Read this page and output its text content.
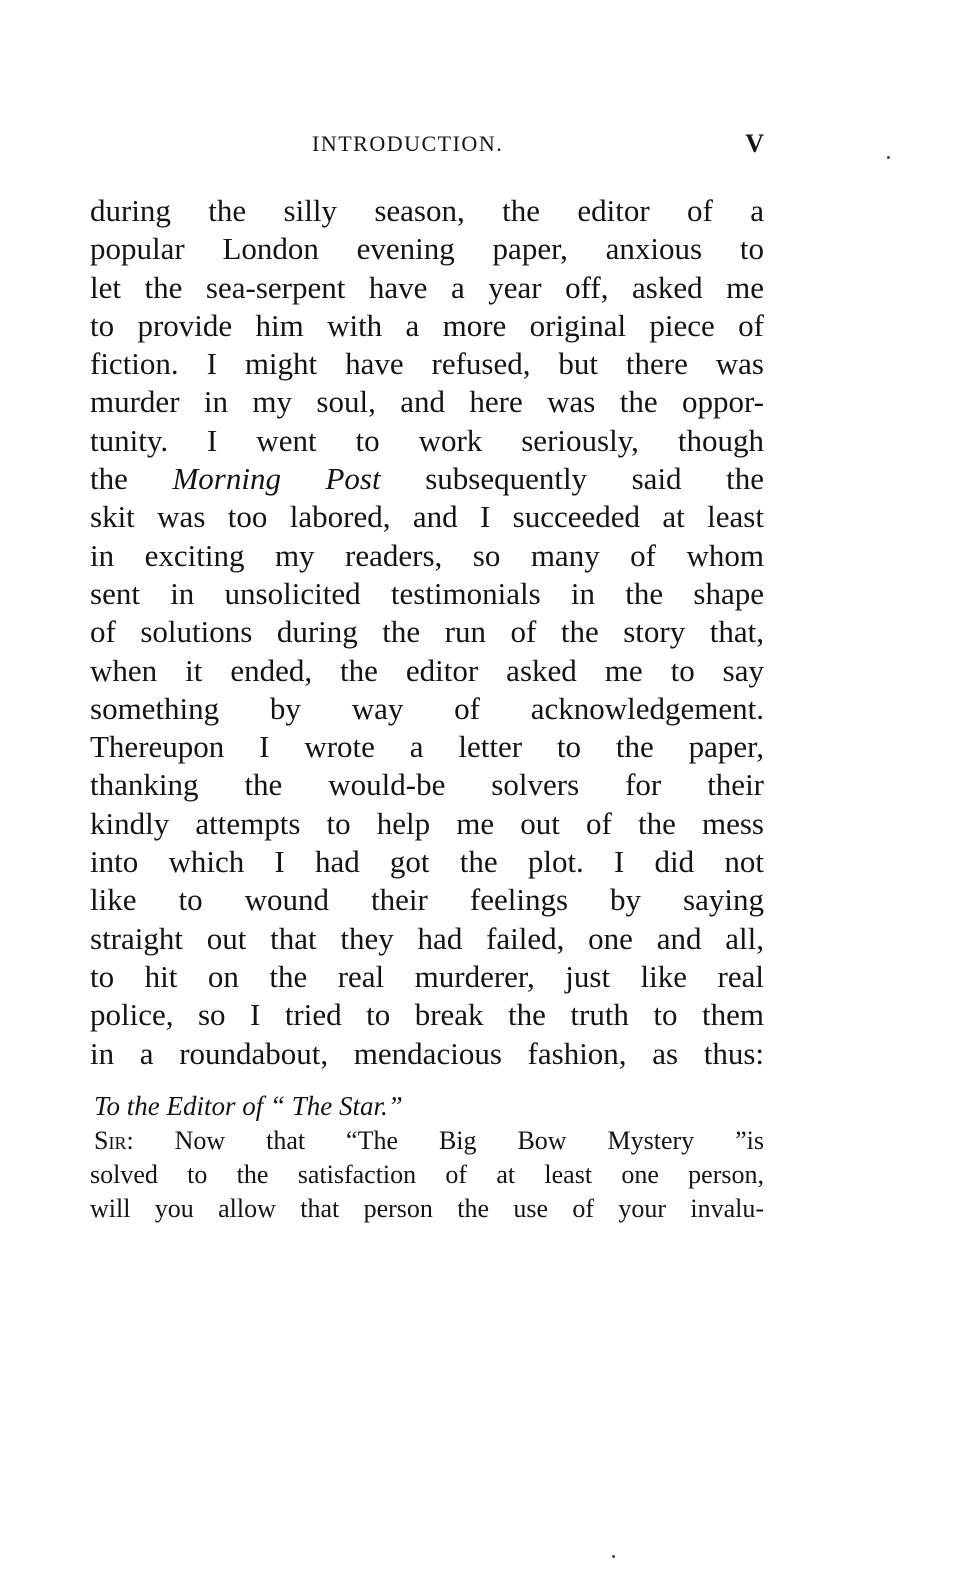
INTRODUCTION.	V
during the silly season, the editor of a
popular London evening paper, anxious to
let the sea-serpent have a year off, asked me
to provide him with a more original piece of
fiction. I might have refused, but there was
murder in my soul, and here was the oppor-
tunity. I went to work seriously, though
the Morning Post subsequently said the
skit was too labored, and I succeeded at least
in exciting my readers, so many of whom
sent in unsolicited testimonials in the shape
of solutions during the run of the story that,
when it ended, the editor asked me to say
something by way of acknowledgement.
Thereupon I wrote a letter to the paper,
thanking the would-be solvers for their
kindly attempts to help me out of the mess
into which I had got the plot. I did not
like to wound their feelings by saying
straight out that they had failed, one and all,
to hit on the real murderer, just like real
police, so I tried to break the truth to them
in a roundabout, mendacious fashion, as thus:
To the Editor of “ The Star.”
Sir: Now that “The Big Bow Mystery ”is
solved to the satisfaction of at least one person,
will you allow that person the use of your invalu-
